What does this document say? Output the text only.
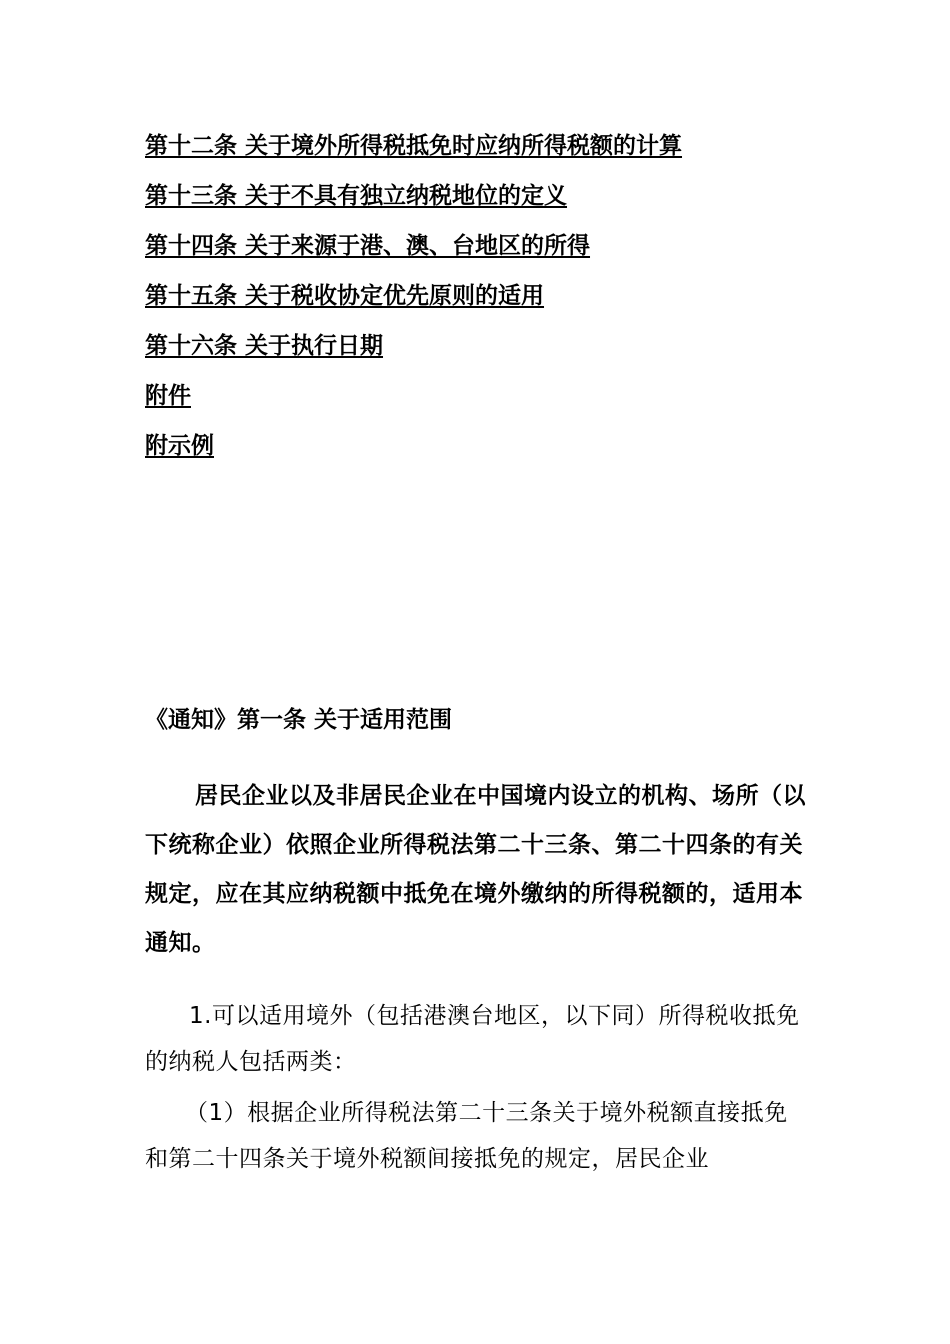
第十二条 关于境外所得税抵免时应纳所得税额的计算
第十三条 关于不具有独立纳税地位的定义
第十四条 关于来源于港、澳、台地区的所得
第十五条 关于税收协定优先原则的适用
第十六条 关于执行日期
附件
附示例
《通知》第一条 关于适用范围

居民企业以及非居民企业在中国境内设立的机构、场所（以下统称企业）依照企业所得税法第二十三条、第二十四条的有关规定，应在其应纳税额中抵免在境外缴纳的所得税额的，适用本通知。

1.可以适用境外（包括港澳台地区，以下同）所得税收抵免的纳税人包括两类：

（1）根据企业所得税法第二十三条关于境外税额直接抵免和第二十四条关于境外税额间接抵免的规定，居民企业
